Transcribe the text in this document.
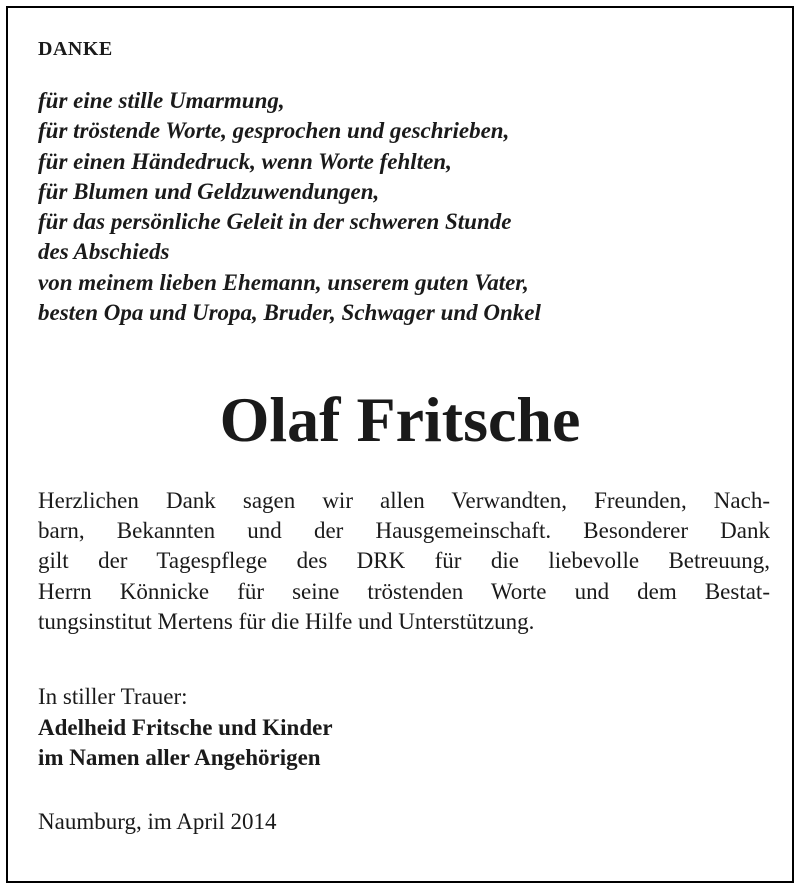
DANKE
für eine stille Umarmung,
für tröstende Worte, gesprochen und geschrieben,
für einen Händedruck, wenn Worte fehlten,
für Blumen und Geldzuwendungen,
für das persönliche Geleit in der schweren Stunde
des Abschieds
von meinem lieben Ehemann, unserem guten Vater,
besten Opa und Uropa, Bruder, Schwager und Onkel
Olaf Fritsche

Herzlichen Dank sagen wir allen Verwandten, Freunden, Nach-
barn, Bekannten und der Hausgemeinschaft. Besonderer Dank
gilt der Tagespflege des DRK für die liebevolle Betreuung,
Herrn Könnicke für seine tröstenden Worte und dem Bestat-
tungsinstitut Mertens für die Hilfe und Unterstützung.

In stiller Trauer:
Adelheid Fritsche und Kinder
im Namen aller Angehörigen
Naumburg, im April 2014
